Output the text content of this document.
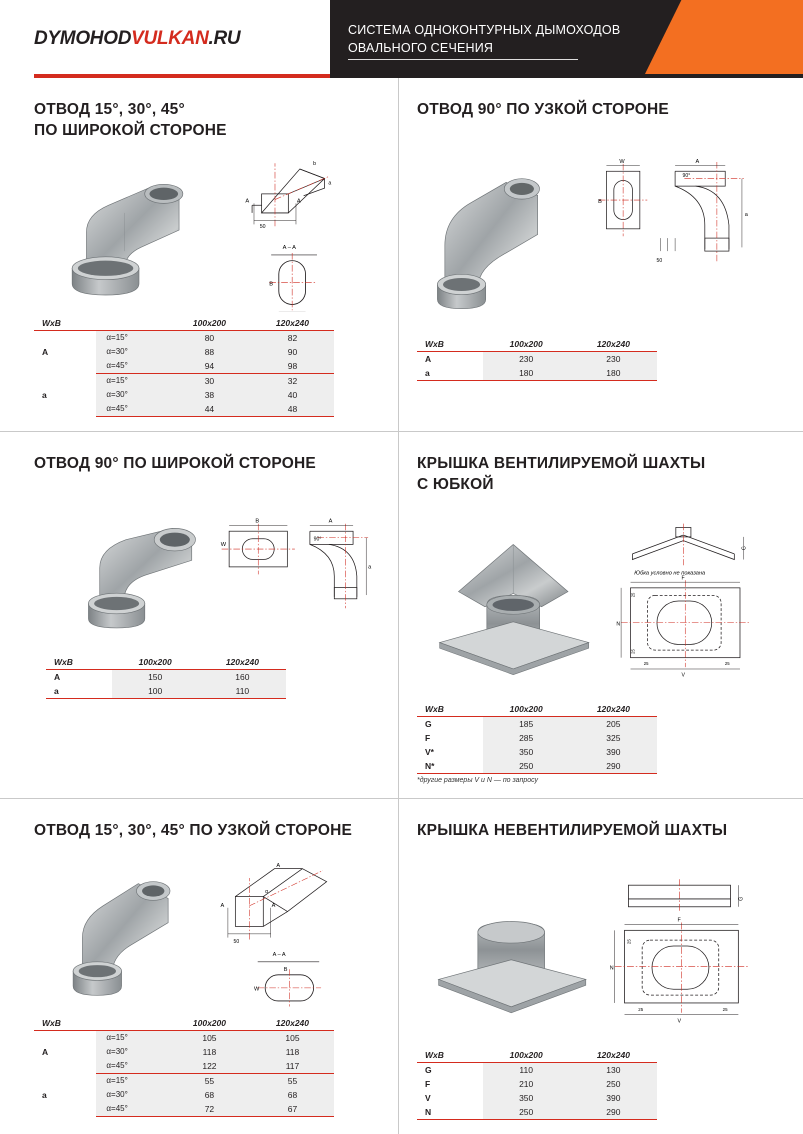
DYMOHODVULKAN.RU	СИСТЕМА ОДНОКОНТУРНЫХ ДЫМОХОДОВ
ОВАЛЬНОГО СЕЧЕНИЯ
ОТВОД 15°, 30°, 45°
ПО ШИРОКОЙ СТОРОНЕ
A	A
50
b
a
A – A
B
WxB		100x200	120x240
A	α=15°	80	82
	α=30°	88	90
	α=45°	94	98
а	α=15°	30	32
	α=30°	38	40
	α=45°	44	48
ОТВОД 90° ПО УЗКОЙ СТОРОНЕ
W
B
A
а
90°
50
WxB	100x200	120x240
A	230	230
а	180	180
ОТВОД 90° ПО ШИРОКОЙ СТОРОНЕ
B
W
A
а
90°
WxB	100x200	120x240
A	150	160
а	100	110
КРЫШКА ВЕНТИЛИРУЕМОЙ ШАХТЫ
С ЮБКОЙ
G
Юбка условно не показана
F
V
N
25
25
25	25
WxB	100x200	120x240
G	185	205
F	285	325
V*	350	390
N*	250	290
*другие размеры V и N — по запросу
ОТВОД 15°, 30°, 45° ПО УЗКОЙ СТОРОНЕ
A	A
50
A
α
A – A
B
W
WxB		100x200	120x240
A	α=15°	105	105
	α=30°	118	118
	α=45°	122	117
а	α=15°	55	55
	α=30°	68	68
	α=45°	72	67
КРЫШКА НЕВЕНТИЛИРУЕМОЙ ШАХТЫ
G
F
V
N
25
25	25
WxB	100x200	120x240
G	110	130
F	210	250
V	350	390
N	250	290
